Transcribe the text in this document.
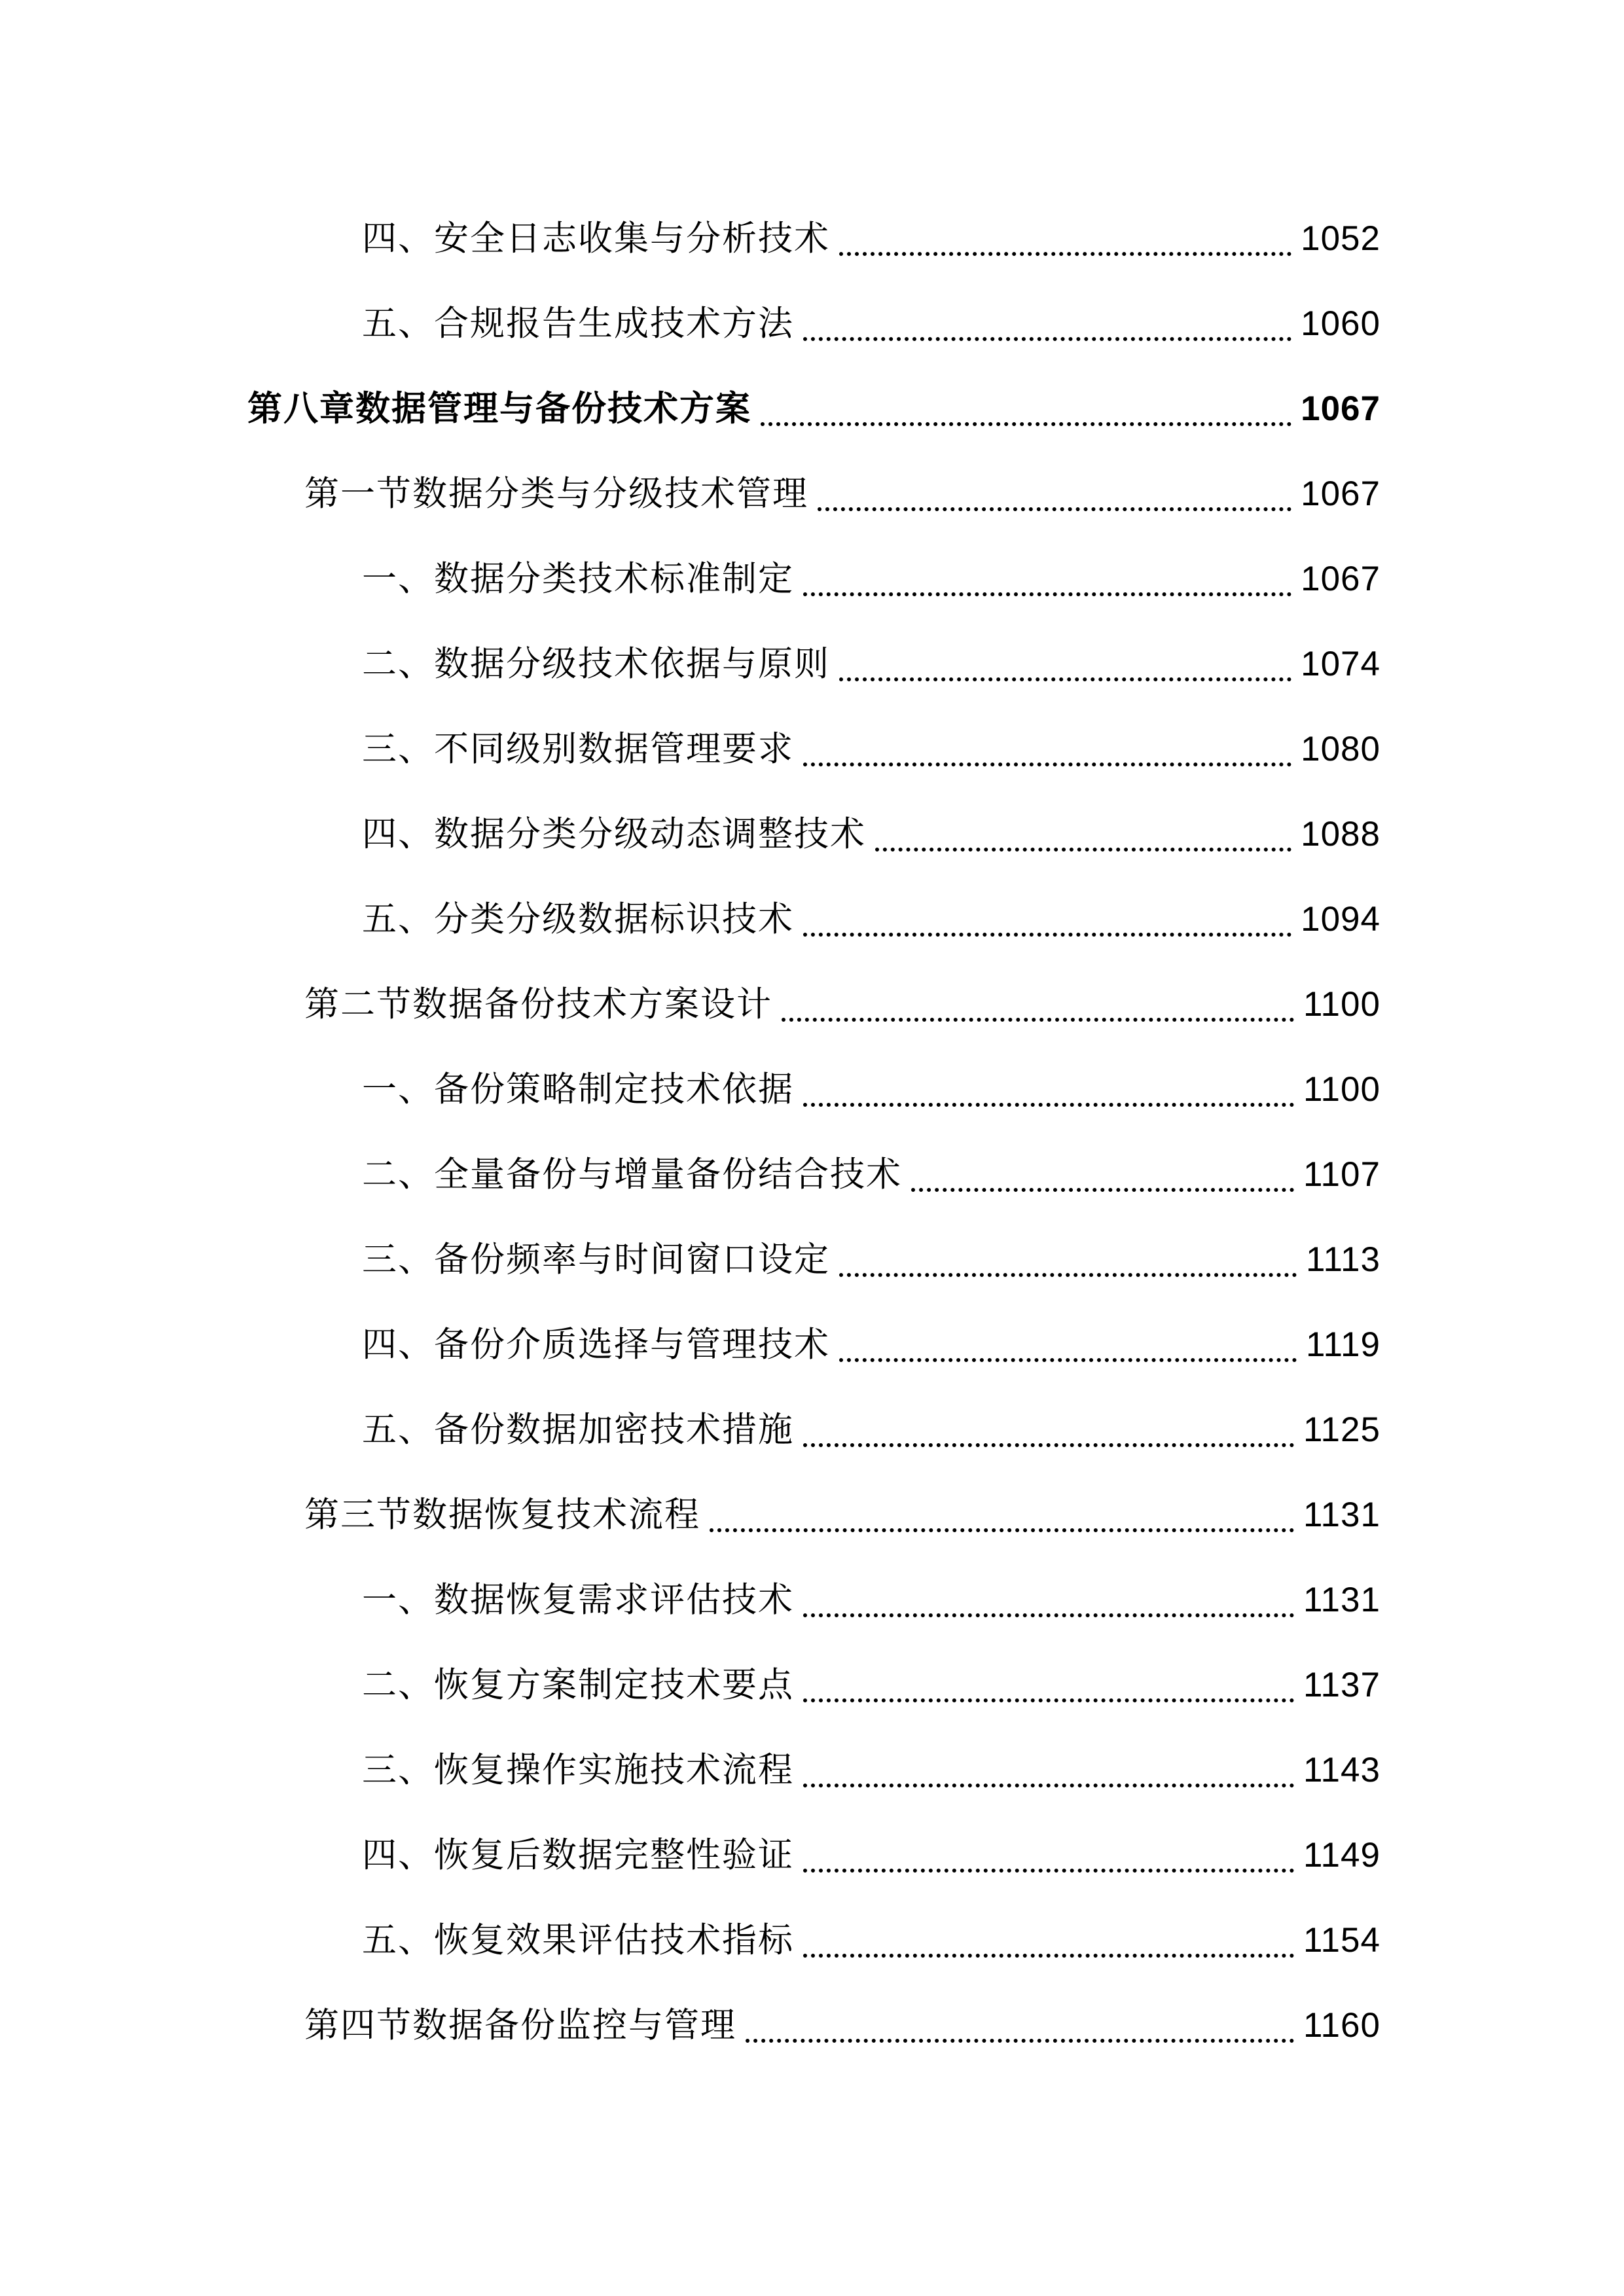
四、安全日志收集与分析技术	1052
五、合规报告生成技术方法	1060
第八章数据管理与备份技术方案	1067
第一节数据分类与分级技术管理	1067
一、数据分类技术标准制定	1067
二、数据分级技术依据与原则	1074
三、不同级别数据管理要求	1080
四、数据分类分级动态调整技术	1088
五、分类分级数据标识技术	1094
第二节数据备份技术方案设计	1100
一、备份策略制定技术依据	1100
二、全量备份与增量备份结合技术	1107
三、备份频率与时间窗口设定	1113
四、备份介质选择与管理技术	1119
五、备份数据加密技术措施	1125
第三节数据恢复技术流程	1131
一、数据恢复需求评估技术	1131
二、恢复方案制定技术要点	1137
三、恢复操作实施技术流程	1143
四、恢复后数据完整性验证	1149
五、恢复效果评估技术指标	1154
第四节数据备份监控与管理	1160
